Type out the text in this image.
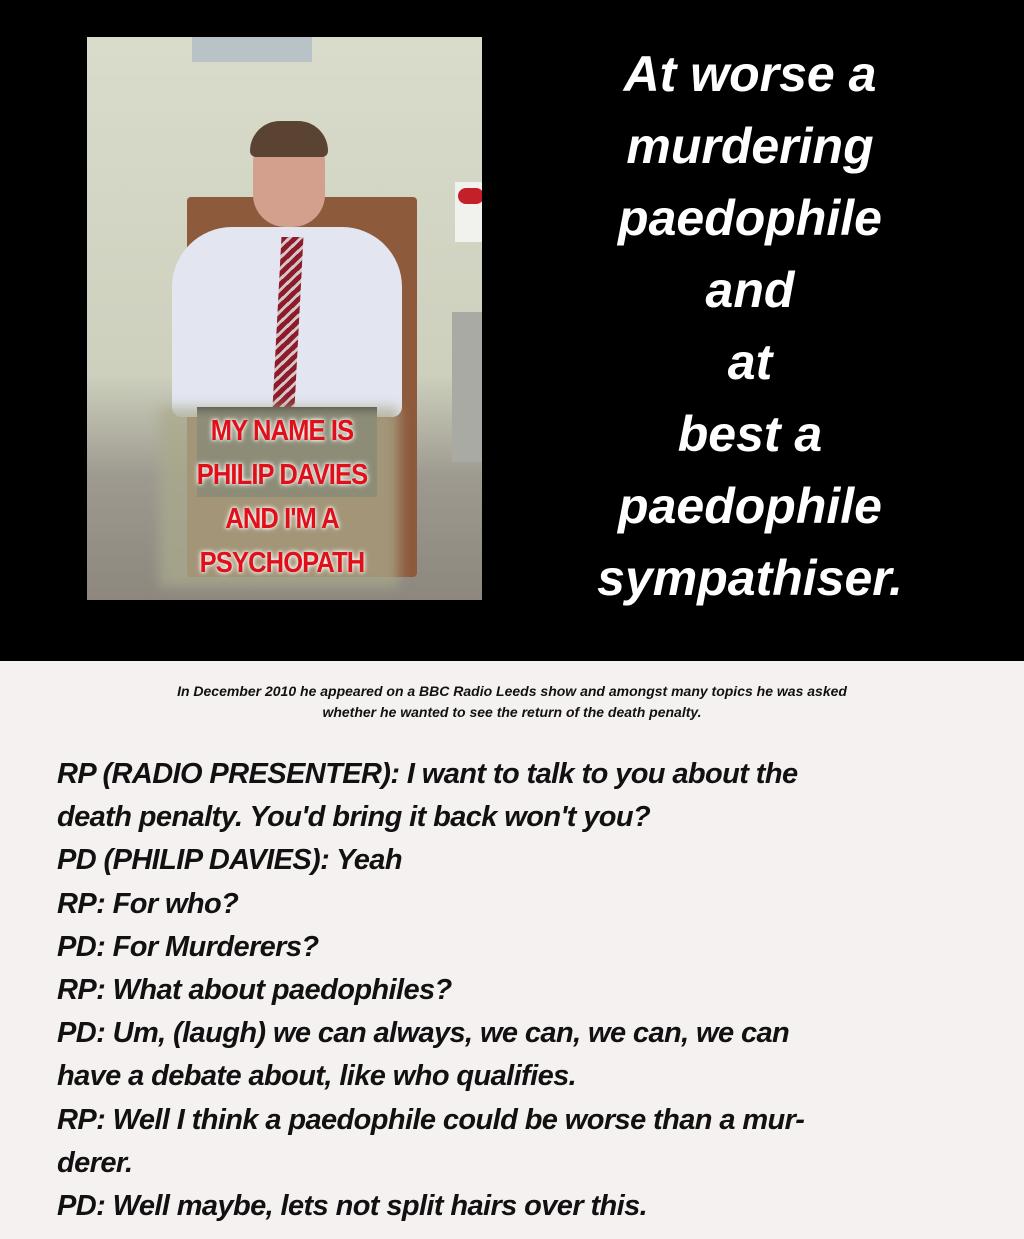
MY NAME IS
PHILIP DAVIES
AND I'M A
PSYCHOPATH
At worse a
murdering
paedophile
and
at
best a
paedophile
sympathiser.
In December 2010 he appeared on a BBC Radio Leeds show and amongst many topics he was asked
whether he wanted to see the return of the death penalty.
RP (RADIO PRESENTER): I want to talk to you about the
death penalty. You'd bring it back won't you?
PD (PHILIP DAVIES): Yeah
RP: For who?
PD: For Murderers?
RP: What about paedophiles?
PD: Um, (laugh) we can always, we can, we can, we can
have a debate about, like who qualifies.
RP: Well I think a paedophile could be worse than a mur-
derer.
PD: Well maybe, lets not split hairs over this.
